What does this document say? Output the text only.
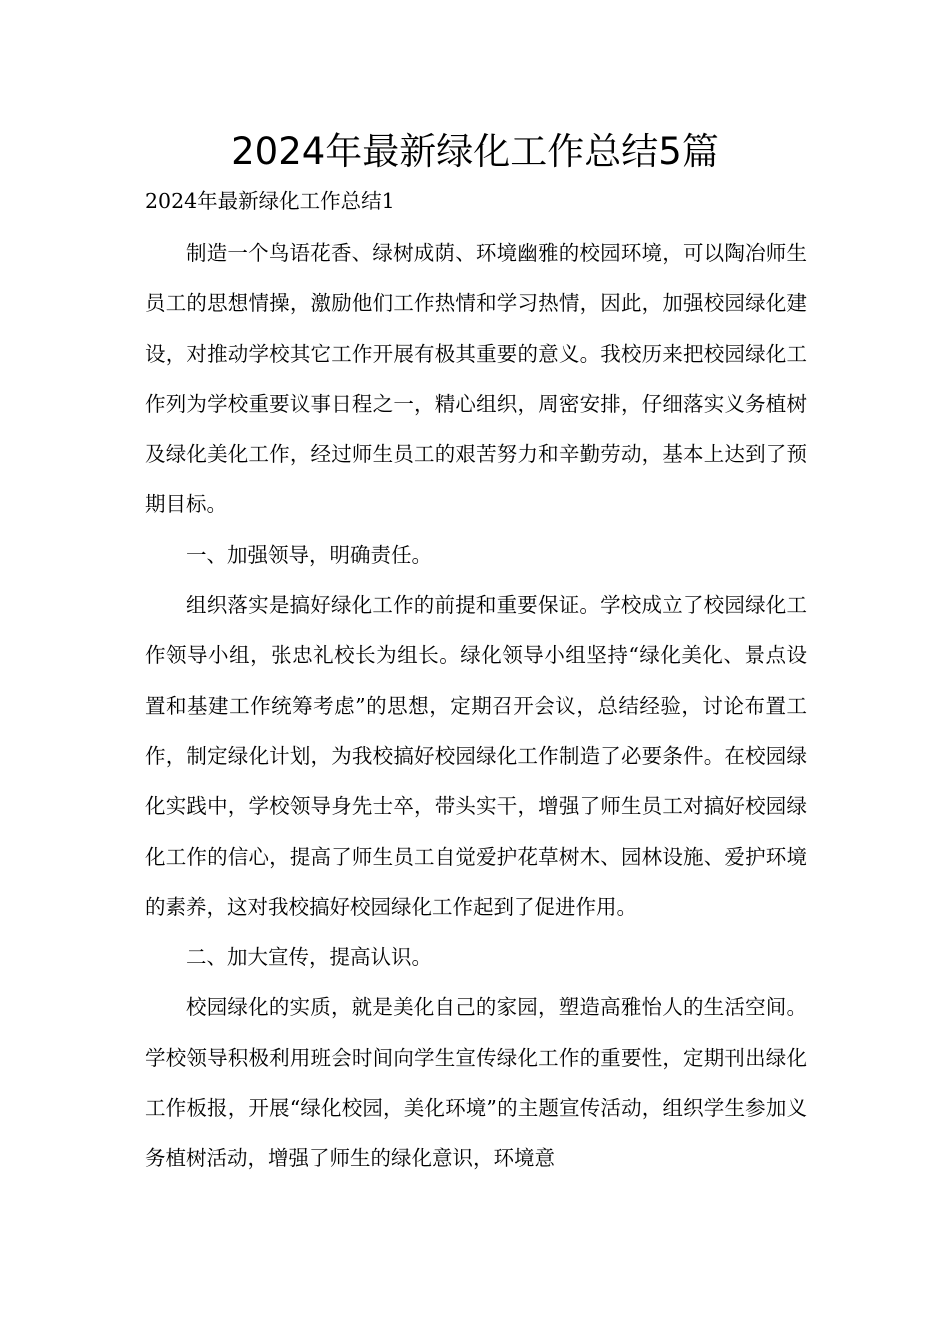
2024年最新绿化工作总结5篇

2024年最新绿化工作总结1

制造一个鸟语花香、绿树成荫、环境幽雅的校园环境，可以陶冶师生员工的思想情操，激励他们工作热情和学习热情，因此，加强校园绿化建设，对推动学校其它工作开展有极其重要的意义。我校历来把校园绿化工作列为学校重要议事日程之一，精心组织，周密安排，仔细落实义务植树及绿化美化工作，经过师生员工的艰苦努力和辛勤劳动，基本上达到了预期目标。

一、加强领导，明确责任。

组织落实是搞好绿化工作的前提和重要保证。学校成立了校园绿化工作领导小组，张忠礼校长为组长。绿化领导小组坚持“绿化美化、景点设置和基建工作统筹考虑”的思想，定期召开会议，总结经验，讨论布置工作，制定绿化计划，为我校搞好校园绿化工作制造了必要条件。在校园绿化实践中，学校领导身先士卒，带头实干，增强了师生员工对搞好校园绿化工作的信心，提高了师生员工自觉爱护花草树木、园林设施、爱护环境的素养，这对我校搞好校园绿化工作起到了促进作用。

二、加大宣传，提高认识。

校园绿化的实质，就是美化自己的家园，塑造高雅怡人的生活空间。学校领导积极利用班会时间向学生宣传绿化工作的重要性，定期刊出绿化工作板报，开展“绿化校园，美化环境”的主题宣传活动，组织学生参加义务植树活动，增强了师生的绿化意识，环境意
